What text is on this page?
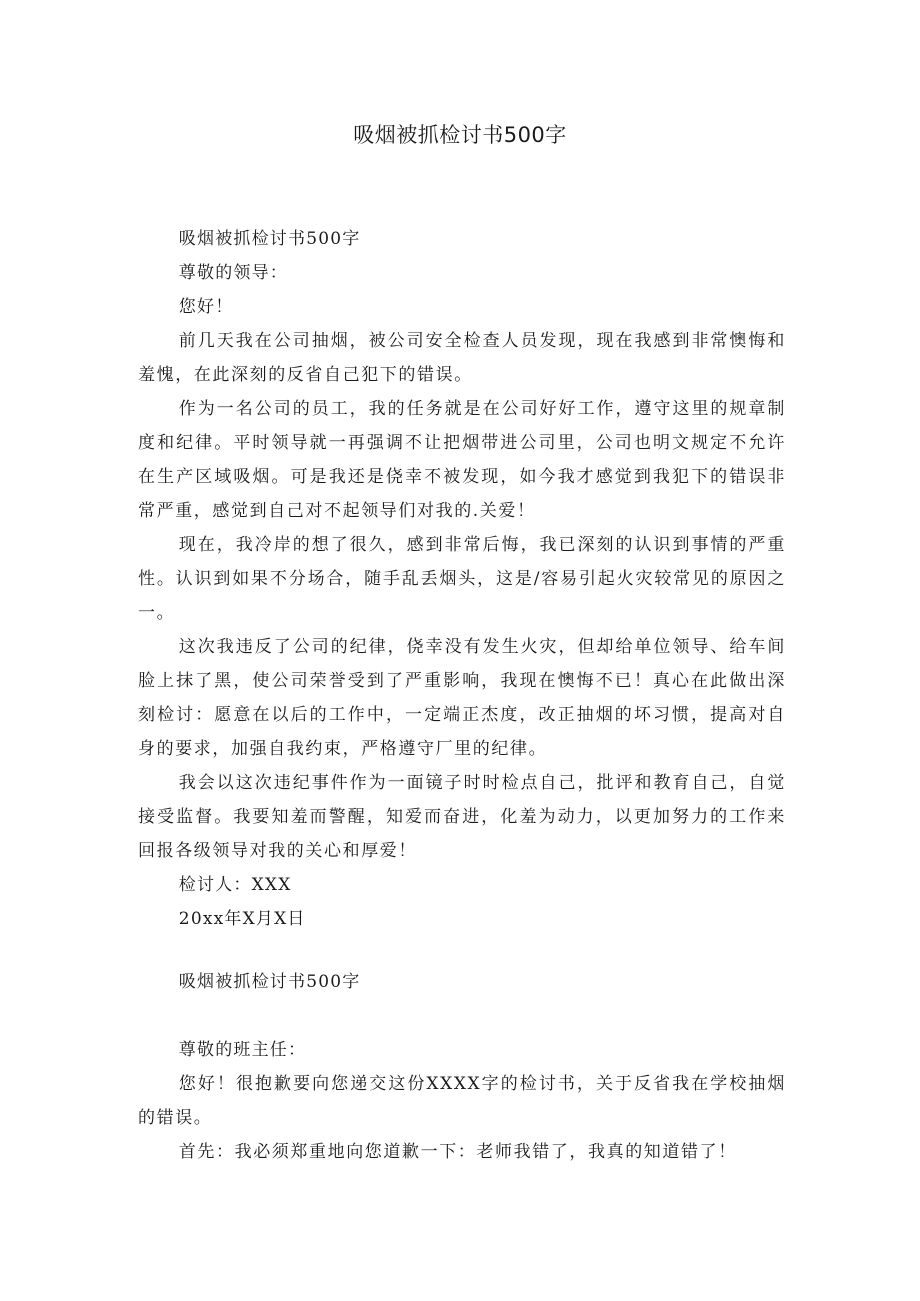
吸烟被抓检讨书500字

吸烟被抓检讨书500字

尊敬的领导：

您好！

前几天我在公司抽烟，被公司安全检查人员发现，现在我感到非常懊悔和羞愧，在此深刻的反省自己犯下的错误。

作为一名公司的员工，我的任务就是在公司好好工作，遵守这里的规章制度和纪律。平时领导就一再强调不让把烟带进公司里，公司也明文规定不允许在生产区域吸烟。可是我还是侥幸不被发现，如今我才感觉到我犯下的错误非常严重，感觉到自己对不起领导们对我的.关爱！

现在，我冷岸的想了很久，感到非常后悔，我已深刻的认识到事情的严重性。认识到如果不分场合，随手乱丢烟头，这是/容易引起火灾较常见的原因之一。

这次我违反了公司的纪律，侥幸没有发生火灾，但却给单位领导、给车间脸上抹了黑，使公司荣誉受到了严重影响，我现在懊悔不已！真心在此做出深刻检讨：愿意在以后的工作中，一定端正杰度，改正抽烟的坏习惯，提高对自身的要求，加强自我约束，严格遵守厂里的纪律。

我会以这次违纪事件作为一面镜子时时检点自己，批评和教育自己，自觉接受监督。我要知羞而警醒，知爱而奋进，化羞为动力，以更加努力的工作来回报各级领导对我的关心和厚爱！

检讨人：XXX

20xx年X月X日

吸烟被抓检讨书500字

尊敬的班主任：

您好！很抱歉要向您递交这份XXXX字的检讨书，关于反省我在学校抽烟的错误。

首先：我必须郑重地向您道歉一下：老师我错了，我真的知道错了！
